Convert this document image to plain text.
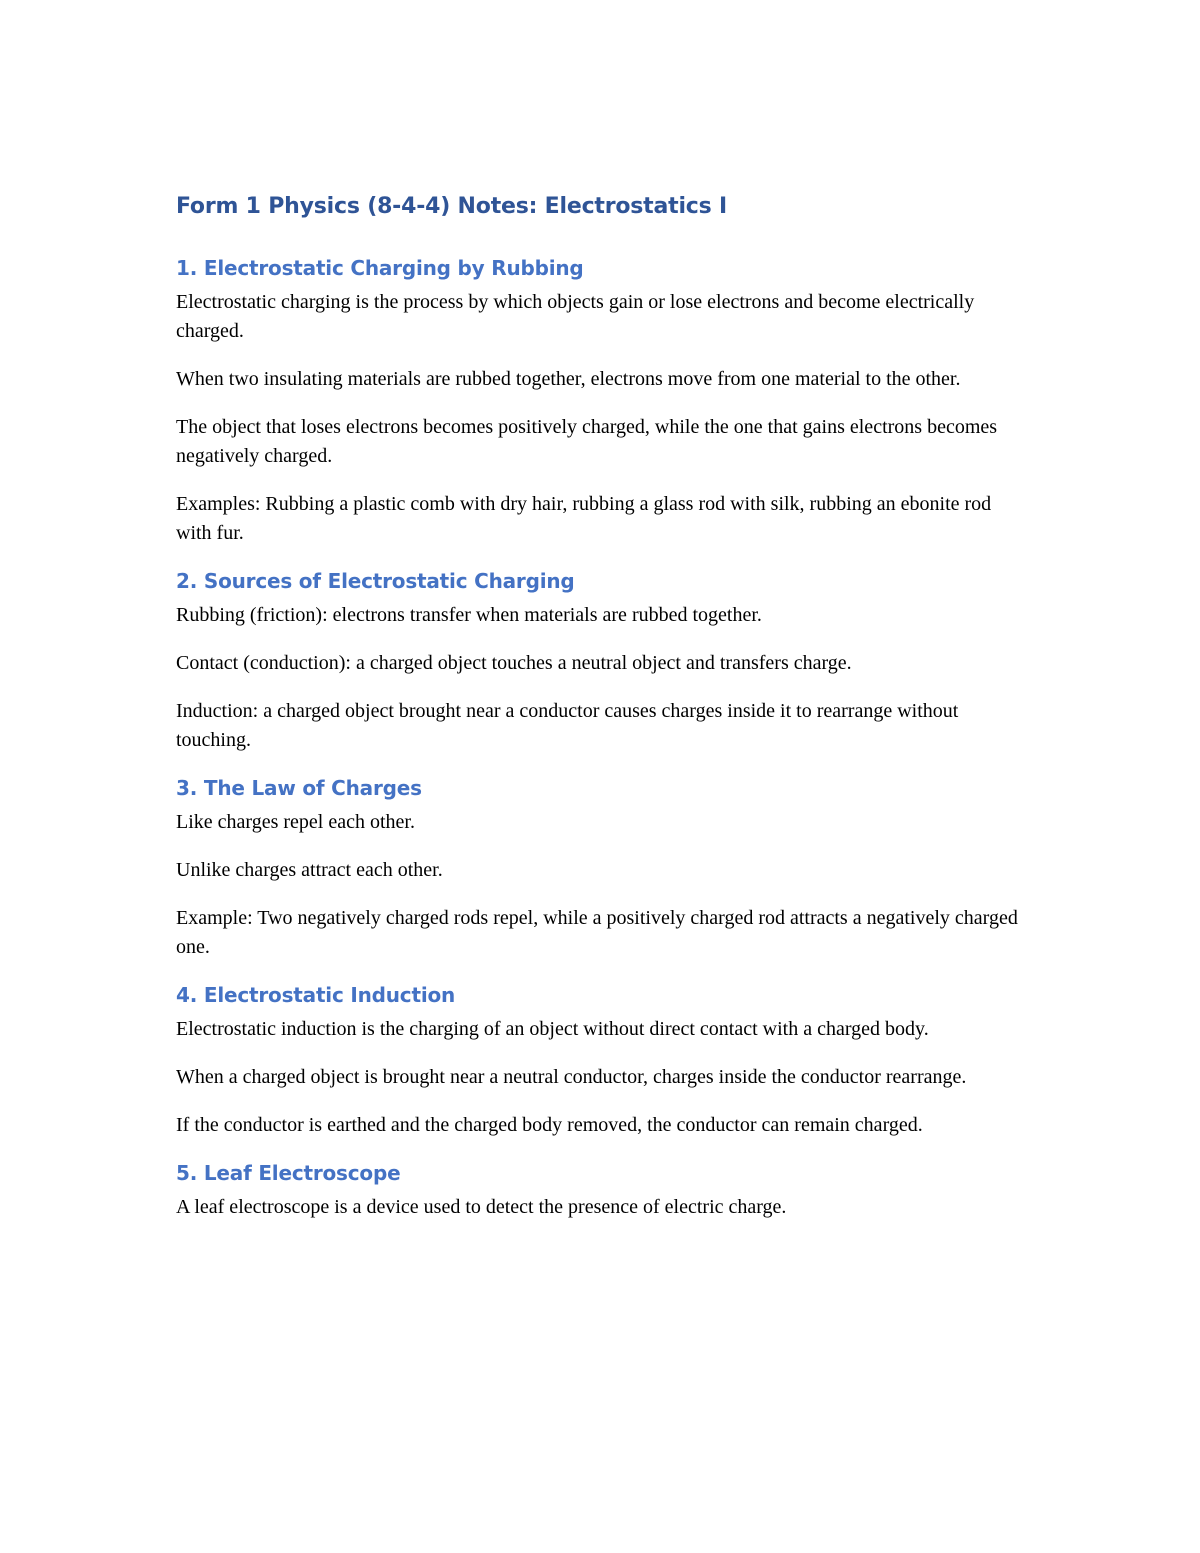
Form 1 Physics (8-4-4) Notes: Electrostatics I
1. Electrostatic Charging by Rubbing

Electrostatic charging is the process by which objects gain or lose electrons and become electrically charged.

When two insulating materials are rubbed together, electrons move from one material to the other.

The object that loses electrons becomes positively charged, while the one that gains electrons becomes negatively charged.

Examples: Rubbing a plastic comb with dry hair, rubbing a glass rod with silk, rubbing an ebonite rod with fur.

2. Sources of Electrostatic Charging

Rubbing (friction): electrons transfer when materials are rubbed together.

Contact (conduction): a charged object touches a neutral object and transfers charge.

Induction: a charged object brought near a conductor causes charges inside it to rearrange without touching.

3. The Law of Charges

Like charges repel each other.

Unlike charges attract each other.

Example: Two negatively charged rods repel, while a positively charged rod attracts a negatively charged one.

4. Electrostatic Induction

Electrostatic induction is the charging of an object without direct contact with a charged body.

When a charged object is brought near a neutral conductor, charges inside the conductor rearrange.

If the conductor is earthed and the charged body removed, the conductor can remain charged.

5. Leaf Electroscope

A leaf electroscope is a device used to detect the presence of electric charge.
